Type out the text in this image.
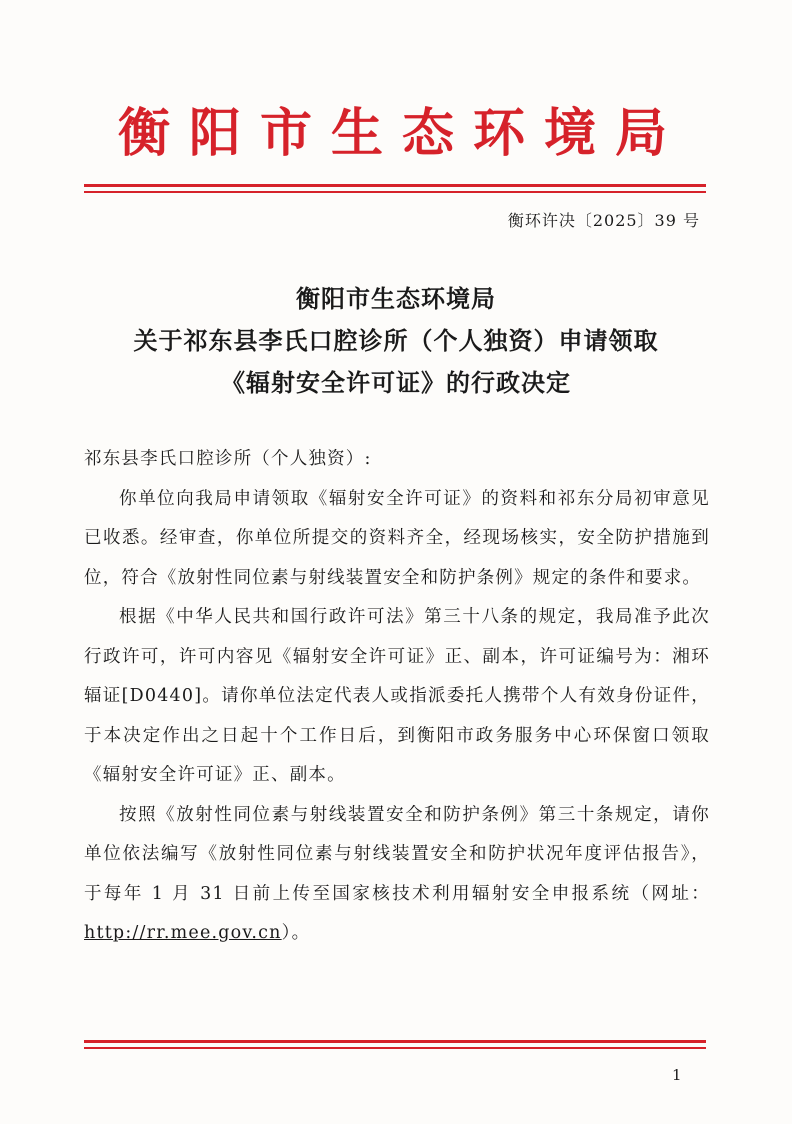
衡阳市生态环境局
衡环许决〔2025〕39 号
衡阳市生态环境局
关于祁东县李氏口腔诊所（个人独资）申请领取
《辐射安全许可证》的行政决定

祁东县李氏口腔诊所（个人独资）:

你单位向我局申请领取《辐射安全许可证》的资料和祁东分局初审意见已收悉。经审查，你单位所提交的资料齐全，经现场核实，安全防护措施到位，符合《放射性同位素与射线装置安全和防护条例》规定的条件和要求。

根据《中华人民共和国行政许可法》第三十八条的规定，我局准予此次行政许可，许可内容见《辐射安全许可证》正、副本，许可证编号为：湘环辐证[D0440]。请你单位法定代表人或指派委托人携带个人有效身份证件，于本决定作出之日起十个工作日后，到衡阳市政务服务中心环保窗口领取《辐射安全许可证》正、副本。

按照《放射性同位素与射线装置安全和防护条例》第三十条规定，请你单位依法编写《放射性同位素与射线装置安全和防护状况年度评估报告》，于每年 1 月 31 日前上传至国家核技术利用辐射安全申报系统（网址：http://rr.mee.gov.cn）。

1
